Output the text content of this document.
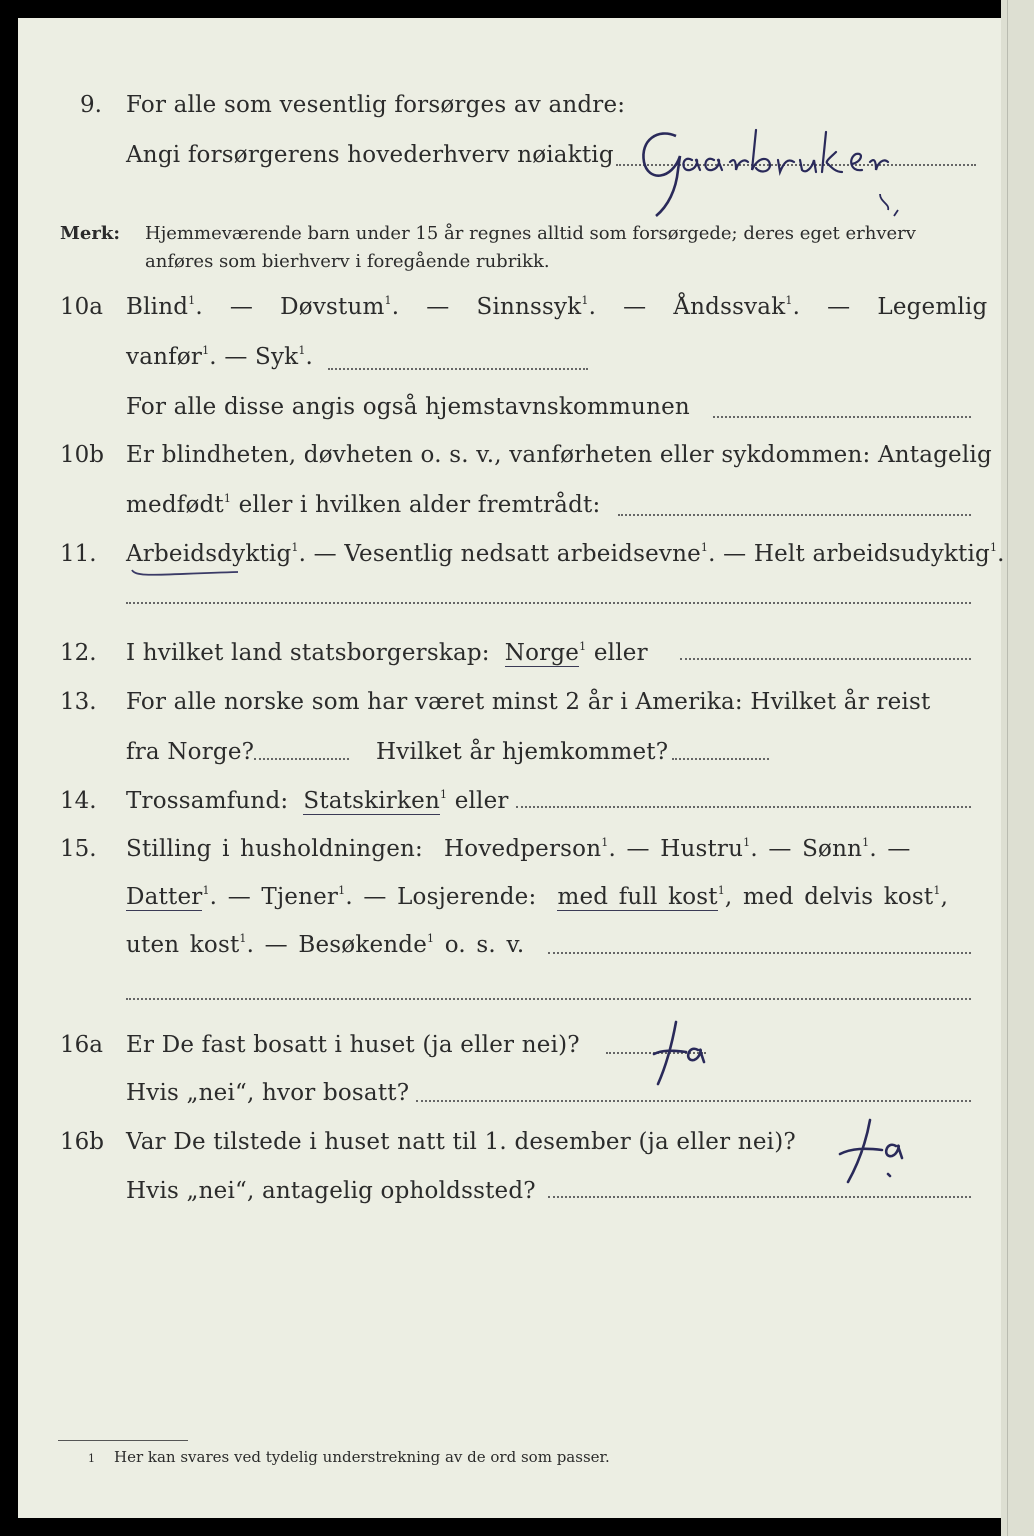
9. For alle som vesentlig forsørges av andre:
Angi forsørgerens hovederhverv nøiaktig
Merk: Hjemmeværende barn under 15 år regnes alltid som forsørgede; deres eget erhverv
anføres som bierhverv i foregående rubrikk.
10a Blind$^1$.  — Døvstum$^1$.  — Sinnssyk$^1$.  — Åndssvak$^1$.  — Legemlig
vanfør$^1$. — Syk$^1$.
For alle disse angis også hjemstavnskommunen
10b Er blindheten, døvheten o. s. v., vanførheten eller sykdommen: Antagelig
medfødt$^1$ eller i hvilken alder fremtrådt:
11. Arbeidsdyktig$^1$. — Vesentlig nedsatt arbeidsevne$^1$. — Helt arbeidsudyktig$^1$.
12. I hvilket land statsborgerskap: Norge$^1$ eller
13. For alle norske som har været minst 2 år i Amerika: Hvilket år reist
fra Norge?	Hvilket år hjemkommet?
14. Trossamfund: Statskirken$^1$ eller
15. Stilling i husholdningen: Hovedperson$^1$. — Hustru$^1$. — Sønn$^1$. —
Datter$^1$. — Tjener$^1$. — Losjerende: med full kost$^1$, med delvis kost$^1$,
uten kost$^1$. — Besøkende$^1$ o. s. v.
16a Er De fast bosatt i huset (ja eller nei)?
Hvis „nei“, hvor bosatt?
16b Var De tilstede i huset natt til 1. desember (ja eller nei)?
Hvis „nei“, antagelig opholdssted?
1 Her kan svares ved tydelig understrekning av de ord som passer.
